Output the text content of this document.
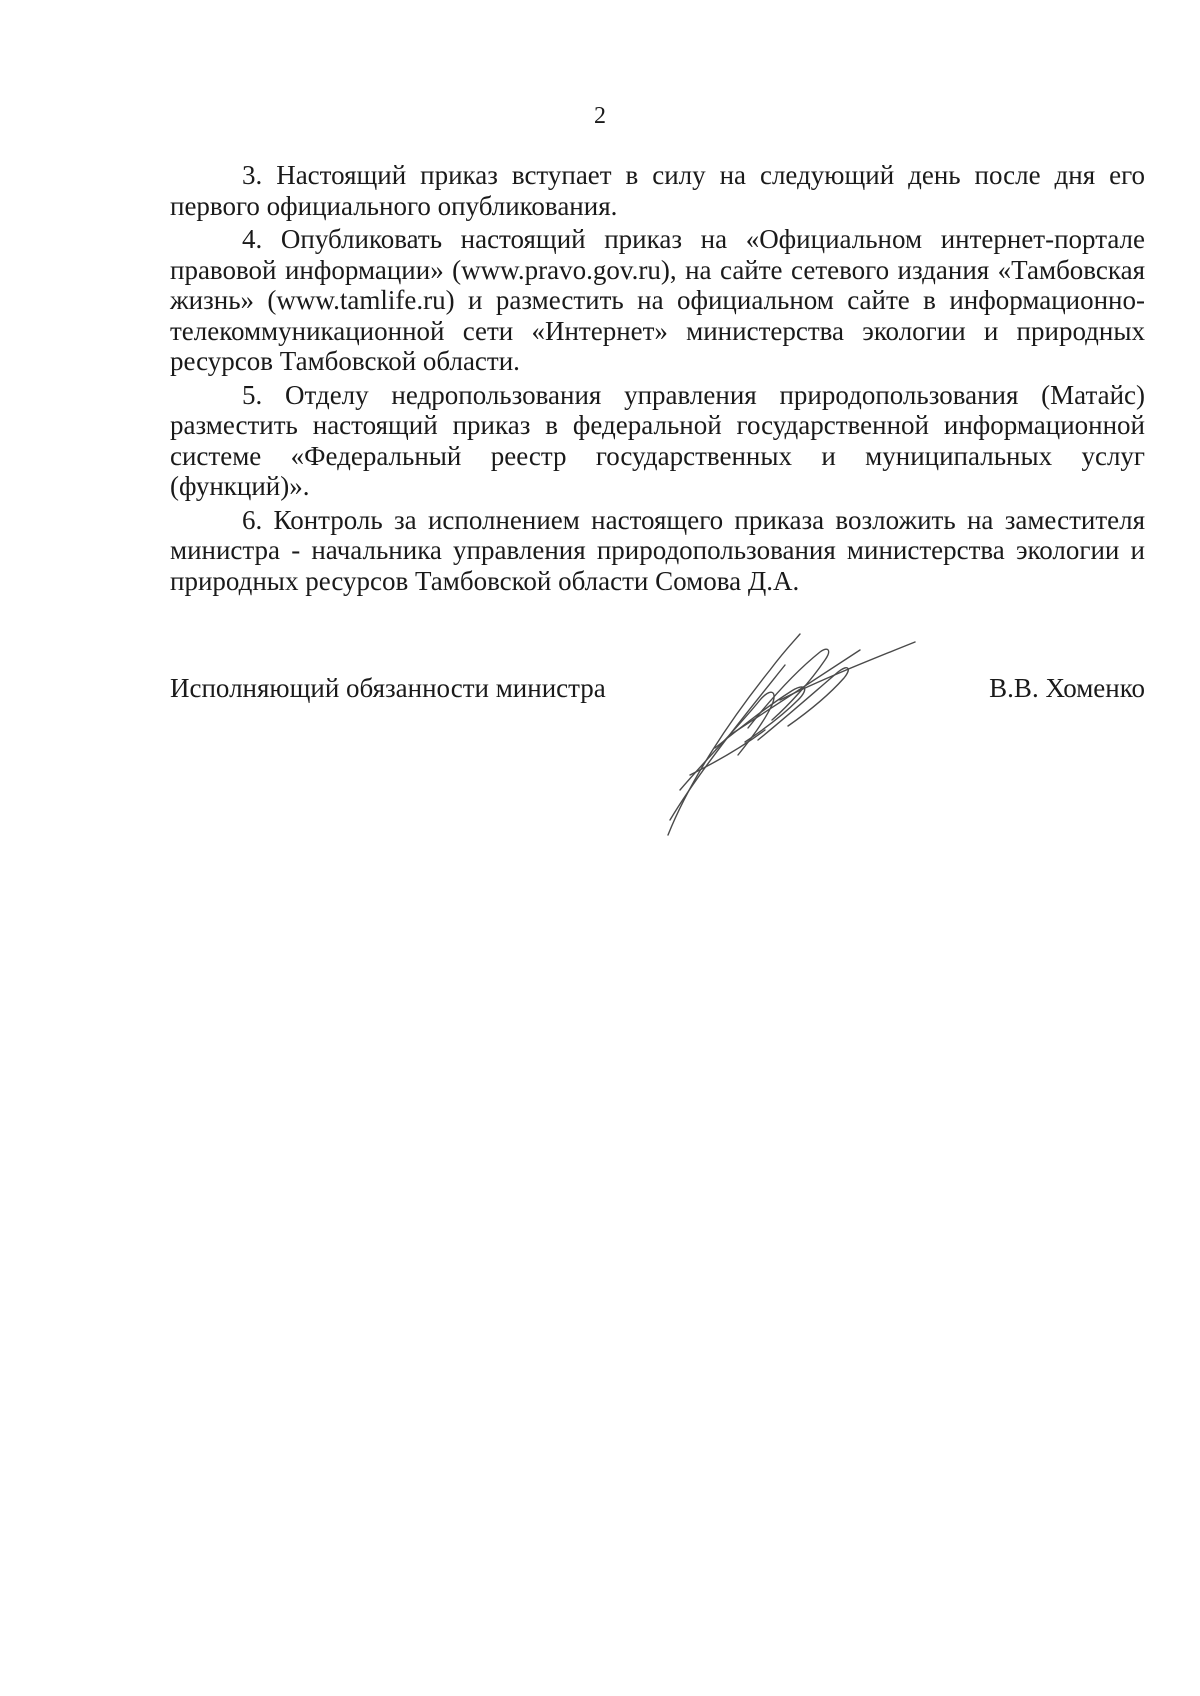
2

3. Настоящий приказ вступает в силу на следующий день после дня его первого официального опубликования.

4. Опубликовать настоящий приказ на «Официальном интернет-портале правовой информации» (www.pravo.gov.ru), на сайте сетевого издания «Тамбовская жизнь» (www.tamlife.ru) и разместить на официальном сайте в информационно-телекоммуникационной сети «Интернет» министерства экологии и природных ресурсов Тамбовской области.

5. Отделу недропользования управления природопользования (Матайс) разместить настоящий приказ в федеральной государственной информационной системе «Федеральный реестр государственных и муниципальных услуг (функций)».

6. Контроль за исполнением настоящего приказа возложить на заместителя министра - начальника управления природопользования министерства экологии и природных ресурсов Тамбовской области Сомова Д.А.

Исполняющий обязанности министра	В.В. Хоменко
